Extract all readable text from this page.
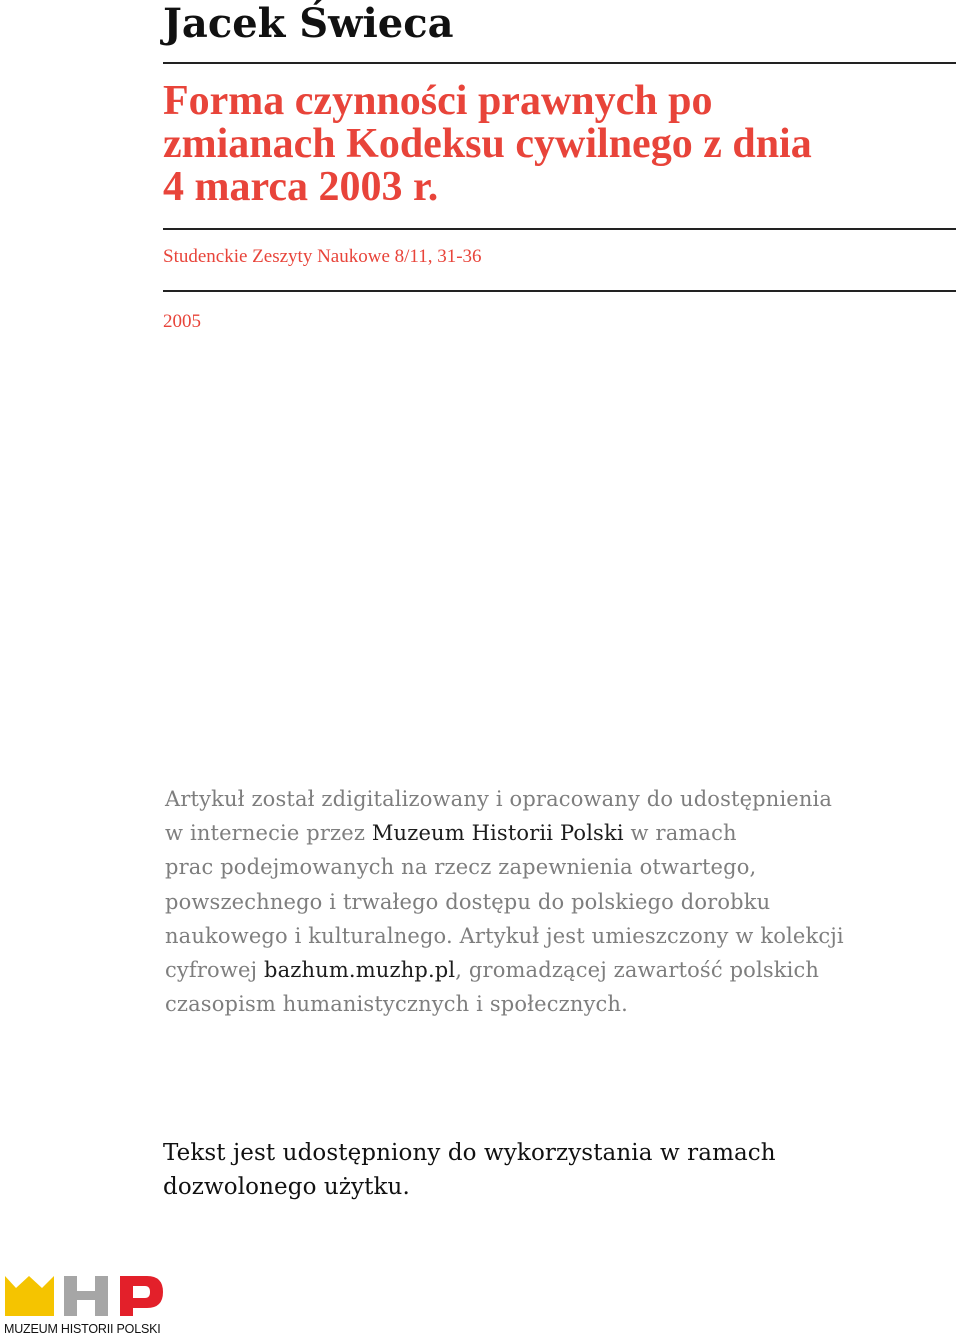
Jacek Świeca
Forma czynności prawnych po
zmianach Kodeksu cywilnego z dnia
4 marca 2003 r.
Studenckie Zeszyty Naukowe 8/11, 31-36
2005
Artykuł został zdigitalizowany i opracowany do udostępnienia
w internecie przez Muzeum Historii Polski w ramach
prac podejmowanych na rzecz zapewnienia otwartego,
powszechnego i trwałego dostępu do polskiego dorobku
naukowego i kulturalnego. Artykuł jest umieszczony w kolekcji
cyfrowej bazhum.muzhp.pl, gromadzącej zawartość polskich
czasopism humanistycznych i społecznych.
Tekst jest udostępniony do wykorzystania w ramach
dozwolonego użytku.
MUZEUM HISTORII POLSKI
